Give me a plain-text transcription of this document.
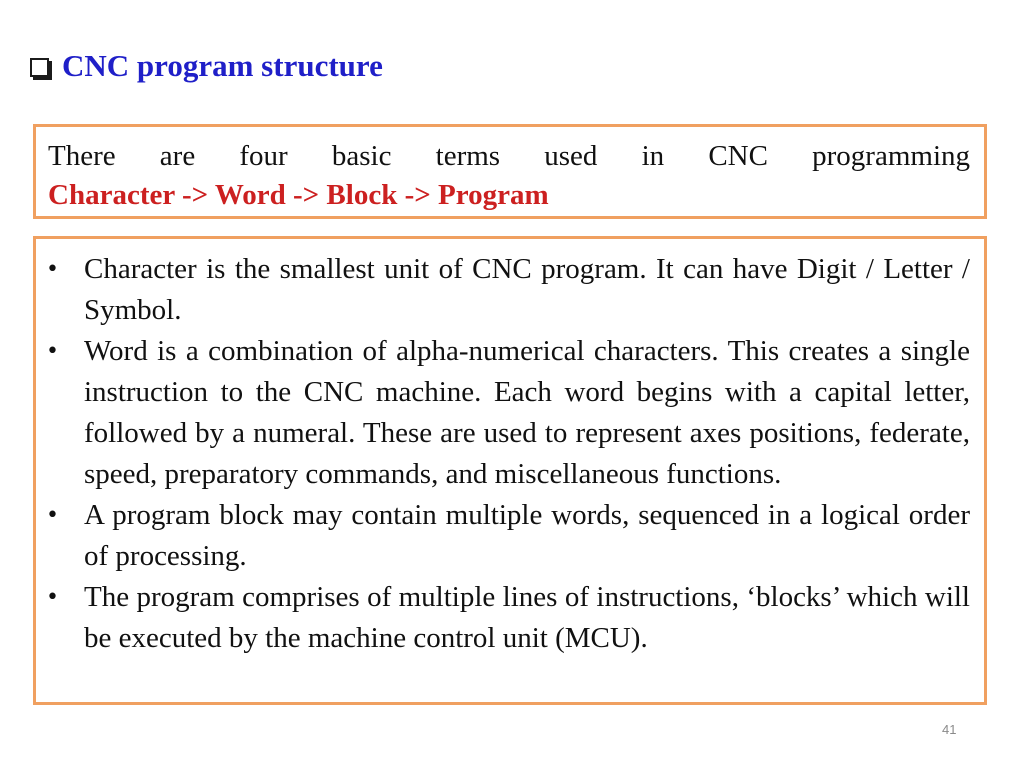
CNC program structure
There are four basic terms used in CNC programming
Character -> Word -> Block -> Program
• Character is the smallest unit of CNC program. It can have Digit / Letter / Symbol.
• Word is a combination of alpha-numerical characters. This creates a single instruction to the CNC machine. Each word begins with a capital letter, followed by a numeral. These are used to represent axes positions, federate, speed, preparatory commands, and miscellaneous functions.
• A program block may contain multiple words, sequenced in a logical order of processing.
• The program comprises of multiple lines of instructions, ‘blocks’ which will be executed by the machine control unit (MCU).
41
